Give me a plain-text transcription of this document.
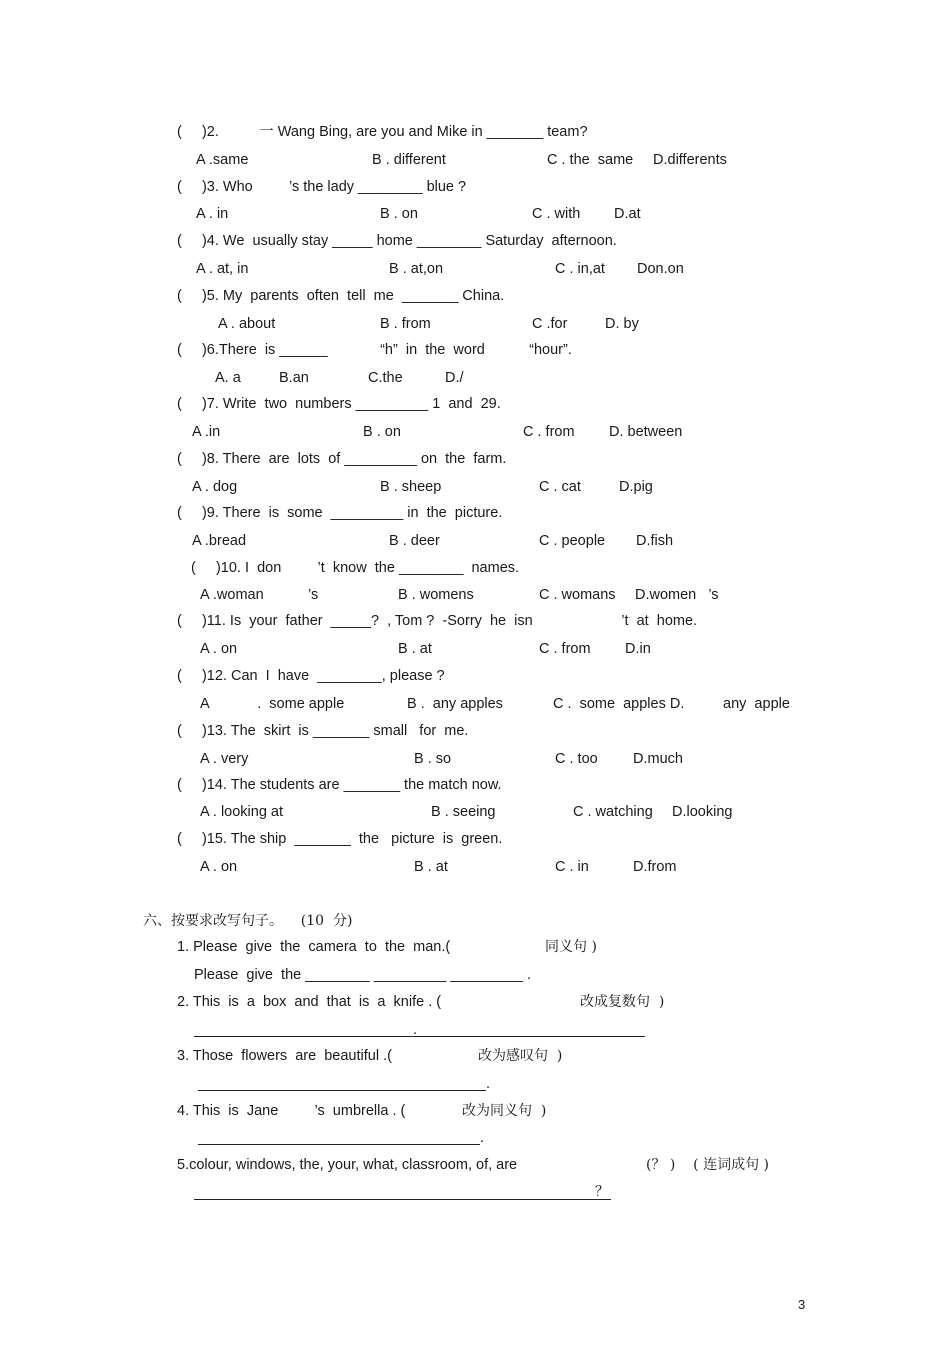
(     )2.          一 Wang Bing, are you and Mike in _______ team?
A .same	B . different	C . the  same D.differents
(     )3. Who         ’s the lady ________ blue ?
A . in	B . on	C . with D.at
(     )4. We  usually stay _____ home ________ Saturday  afternoon.
A . at, in	B . at,on	C . in,at Don.on
(     )5. My  parents  often  tell  me  _______ China.
A . about	B . from	C .for	D. by
(     )6.There  is ______             “h”  in  the  word           “hour”.
A. a	B.an	C.the	D./
(     )7. Write  two  numbers _________ 1  and  29.
A .in	B . on	C . from D. between
(     )8. There  are  lots  of _________ on  the  farm.
A . dog	B . sheep	C . cat	D.pig
(     )9. There  is  some  _________ in  the  picture.
A .bread	B . deer	C . people D.fish
(     )10. I  don         ’t  know  the ________  names.
A .woman           ’s	B . womens	C . womans D.women   ’s
(     )11. Is  your  father  _____?  , Tom ?  -Sorry  he  isn                      ’t  at  home.
A . on	B . at	C . from D.in
(     )12. Can  I  have  ________, please ?
A            .  some apple	B .  any apples	C .  some  apples D.	any  apple
(     )13. The  skirt  is _______ small   for  me.
A . very	B . so	C . too D.much
(     )14. The students are _______ the match now.
A . looking at	B . seeing	C . watching D.looking
(     )15. The ship  _______  the   picture  is  green.
A . on	B . at	C . in	D.from
六、按要求改写句子。    (10  分)
1. Please  give  the  camera  to  the  man.(	同义句 )
Please  give  the ________ _________ _________ .
2. This  is  a  box  and  that  is  a  knife . (	改成复数句  )
.
3. Those  flowers  are  beautiful .(	改为感叹句  )
.
4. This  is  Jane         ’s  umbrella . (	改为同义句  )
.
5.colour, windows, the, your, what, classroom, of, are	(？ )    ( 连词成句 )
？
3
